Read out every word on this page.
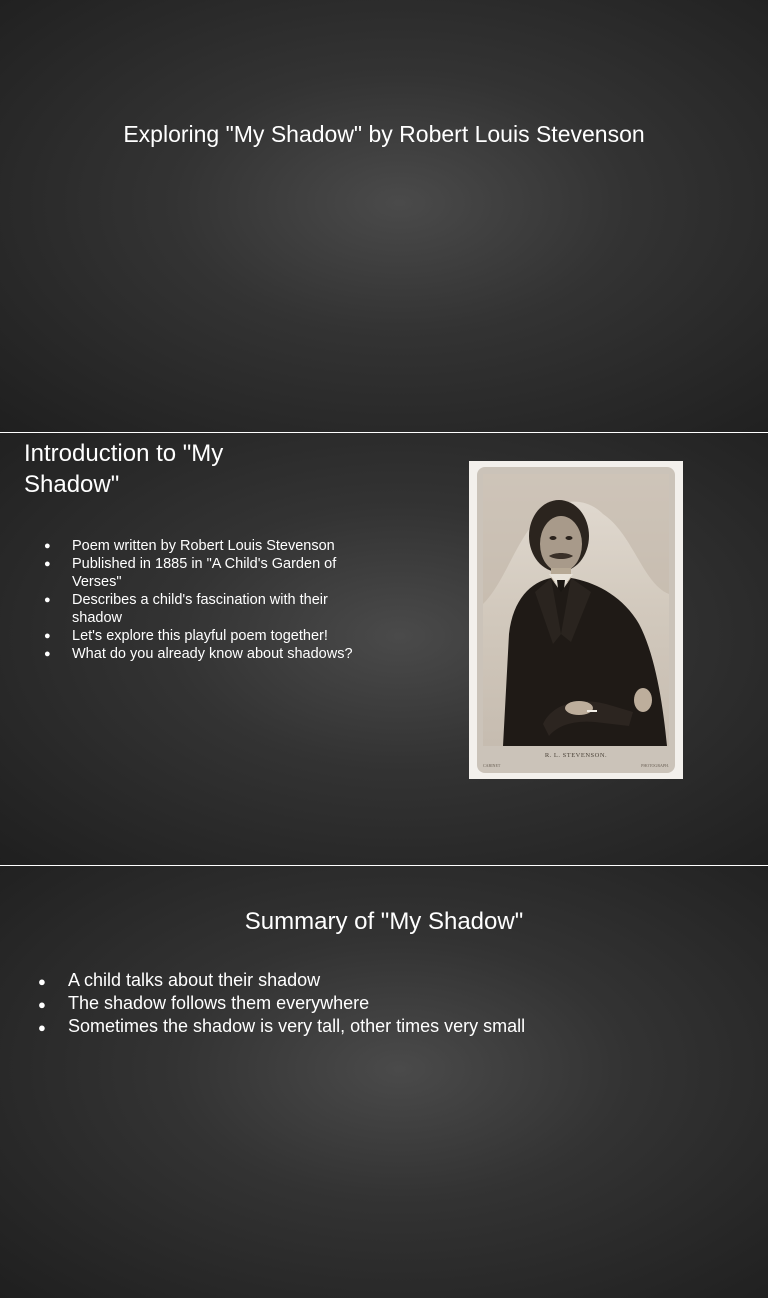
Exploring "My Shadow" by Robert Louis Stevenson
Introduction to "My Shadow"
● Poem written by Robert Louis Stevenson
● Published in 1885 in "A Child's Garden of Verses"
● Describes a child's fascination with their shadow
● Let's explore this playful poem together!
● What do you already know about shadows?
R. L. STEVENSON.
CABINET	PHOTOGRAPH.
Summary of "My Shadow"
● A child talks about their shadow
● The shadow follows them everywhere
● Sometimes the shadow is very tall, other times very small
